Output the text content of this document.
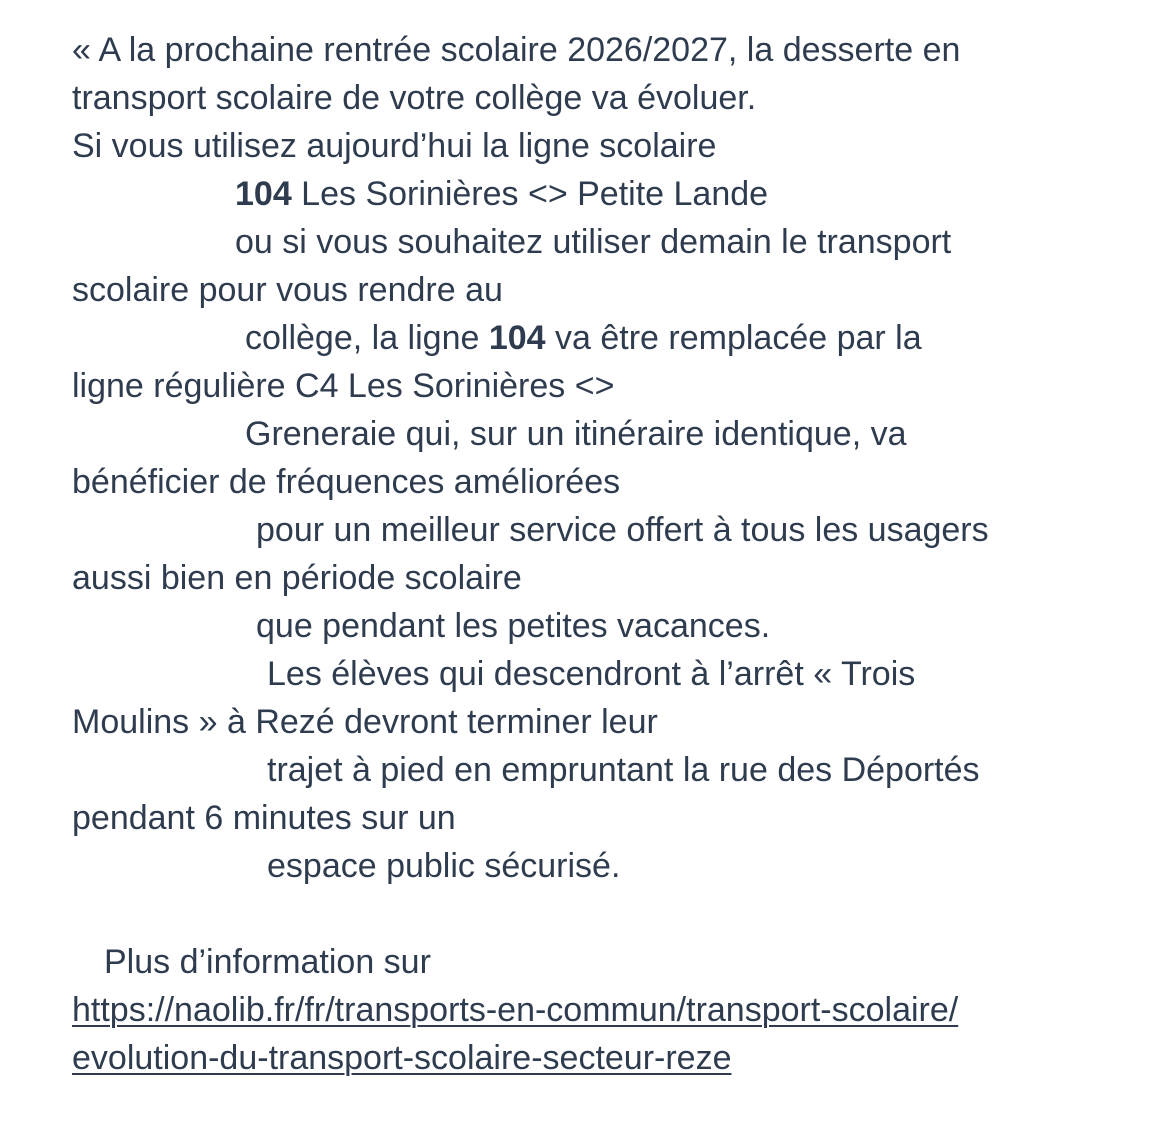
« A la prochaine rentrée scolaire 2026/2027, la desserte en
transport scolaire de votre collège va évoluer.
Si vous utilisez aujourd’hui la ligne scolaire
104 Les Sorinières <> Petite Lande
ou si vous souhaitez utiliser demain le transport
scolaire pour vous rendre au
collège, la ligne 104 va être remplacée par la
ligne régulière C4 Les Sorinières <>
Greneraie qui, sur un itinéraire identique, va
bénéficier de fréquences améliorées
pour un meilleur service offert à tous les usagers
aussi bien en période scolaire
que pendant les petites vacances.
Les élèves qui descendront à l’arrêt « Trois
Moulins » à Rezé devront terminer leur
trajet à pied en empruntant la rue des Déportés
pendant 6 minutes sur un
espace public sécurisé.
Plus d’information sur
https://naolib.fr/fr/transports-en-commun/transport-scolaire/
evolution-du-transport-scolaire-secteur-reze
